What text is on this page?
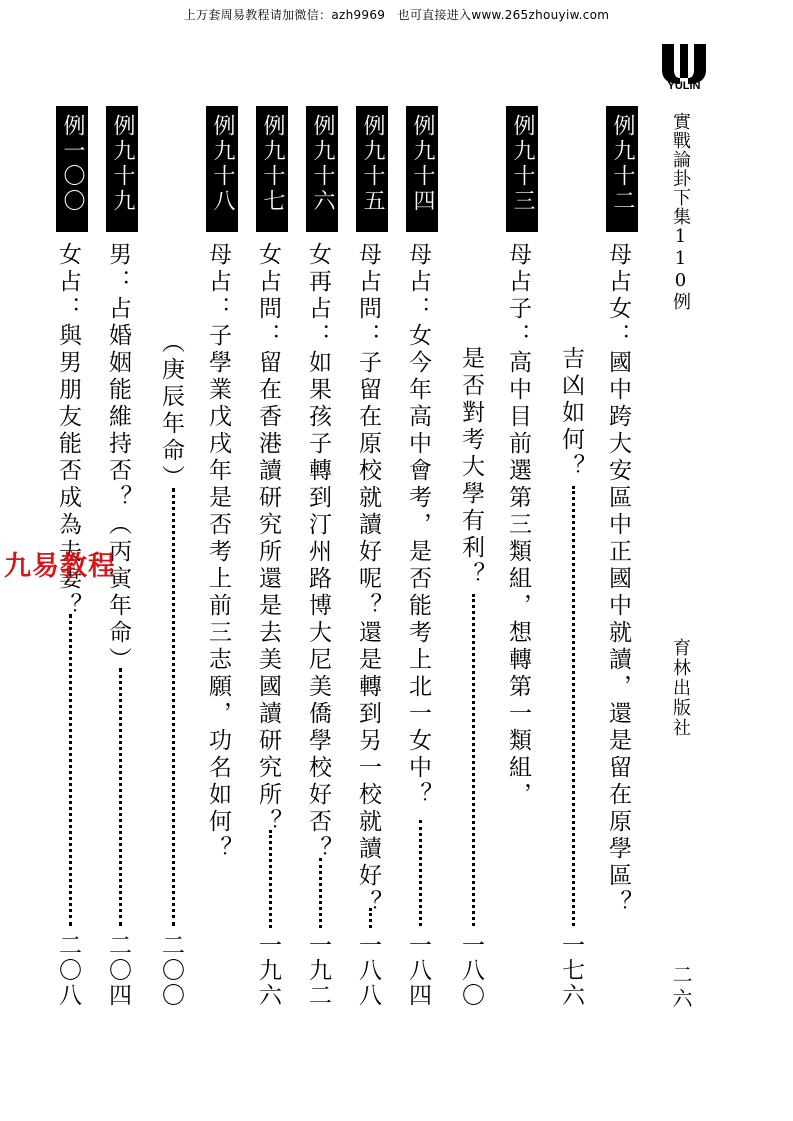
上万套周易教程请加微信：azh9969　也可直接进入www.265zhouyiw.com
YULIN
實戰論卦下集110例
育林出版社
二六
例九十二
母占女：國中跨大安區中正國中就讀，還是留在原學區？
吉凶如何？
一七六
例九十三
母占子：高中目前選第三類組，想轉第一類組，
是否對考大學有利？
一八〇
例九十四
母占：女今年高中會考，是否能考上北一女中？
一八四
例九十五
母占問：子留在原校就讀好呢？還是轉到另一校就讀好？
一八八
例九十六
女再占：如果孩子轉到汀州路博大尼美僑學校好否？
一九二
例九十七
女占問：留在香港讀研究所還是去美國讀研究所？
一九六
例九十八
母占：子學業戊戌年是否考上前三志願，功名如何？
（庚辰年命）
二〇〇
例九十九
男：占婚姻能維持否？（丙寅年命）
二〇四
例一〇〇
女占：與男朋友能否成為夫妻？
二〇八
九易教程
